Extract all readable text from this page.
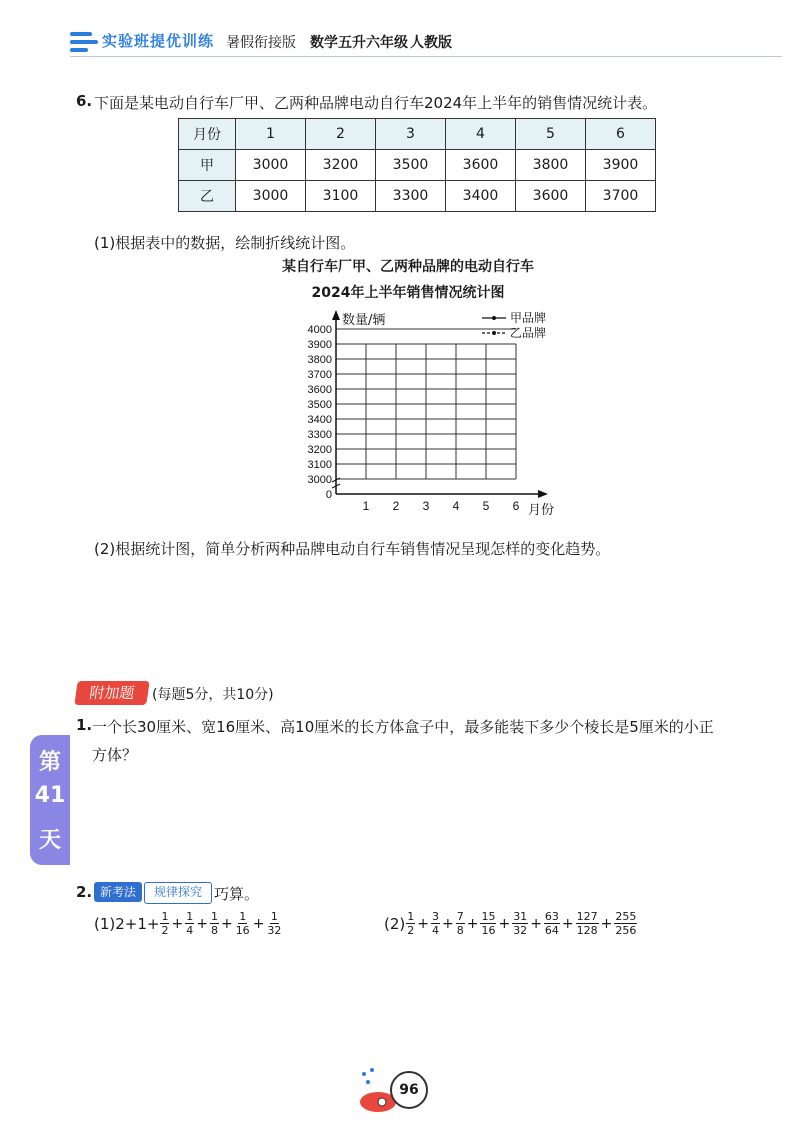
实验班提优训练 暑假衔接版 数学五升六年级 人教版
6. 下面是某电动自行车厂甲、乙两种品牌电动自行车2024年上半年的销售情况统计表。
月份	1	2	3	4	5	6
甲	3000	3200	3500	3600	3800	3900
乙	3000	3100	3300	3400	3600	3700
(1)根据表中的数据，绘制折线统计图。
某自行车厂甲、乙两种品牌的电动自行车
2024年上半年销售情况统计图
0
3000
3100
3200
3300
3400
3500
3600
3700
3800
3900
4000
1 2 3 4 5 6
数量/辆
月份
甲品牌
乙品牌
(2)根据统计图，简单分析两种品牌电动自行车销售情况呈现怎样的变化趋势。
附加题	(每题5分，共10分)
1. 一个长30厘米、宽16厘米、高10厘米的长方体盒子中，最多能装下多少个棱长是5厘米的小正
方体？
第
41
天
2. 新考法	规律探究 巧算。
$(1)2+1+ \frac{1}{2} + \frac{1}{4} + \frac{1}{8} + \frac{1}{16} + \frac{1}{32}$	$(2) \frac{1}{2} + \frac{3}{4} + \frac{7}{8} + \frac{15}{16} + \frac{31}{32} + \frac{63}{64} + \frac{127}{128} + \frac{255}{256}$
96
